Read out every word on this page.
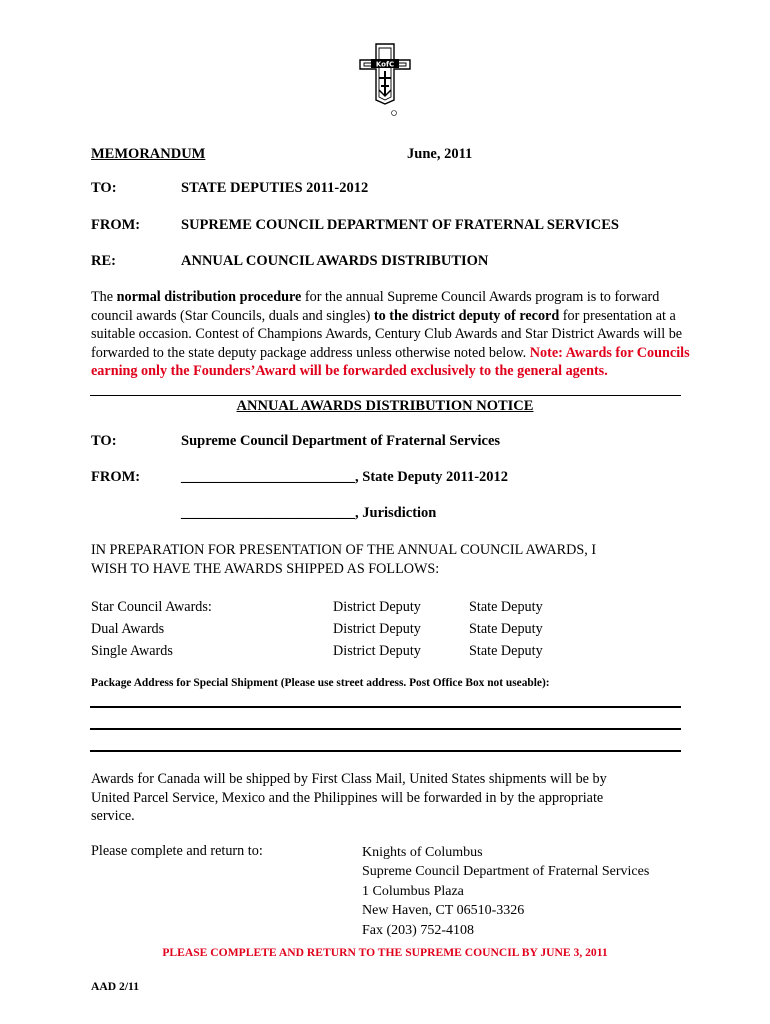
KofC
MEMORANDUM	June, 2011
TO:	STATE DEPUTIES 2011-2012
FROM:	SUPREME COUNCIL DEPARTMENT OF FRATERNAL SERVICES
RE:	ANNUAL COUNCIL AWARDS DISTRIBUTION
The normal distribution procedure for the annual Supreme Council Awards program is to forward council awards (Star Councils, duals and singles) to the district deputy of record for presentation at a suitable occasion. Contest of Champions Awards, Century Club Awards and Star District Awards will be forwarded to the state deputy package address unless otherwise noted below. Note: Awards for Councils earning only the Founders’Award will be forwarded exclusively to the general agents.
ANNUAL AWARDS DISTRIBUTION NOTICE
TO:	Supreme Council Department of Fraternal Services
FROM:	________________________, State Deputy 2011-2012
________________________, Jurisdiction
IN PREPARATION FOR PRESENTATION OF THE ANNUAL COUNCIL AWARDS, I
WISH TO HAVE THE AWARDS SHIPPED AS FOLLOWS:
Star Council Awards:	District Deputy	State Deputy
Dual Awards	District Deputy	State Deputy
Single Awards	District Deputy	State Deputy
Package Address for Special Shipment (Please use street address. Post Office Box not useable):
Awards for Canada will be shipped by First Class Mail, United States shipments will be by
United Parcel Service, Mexico and the Philippines will be forwarded in by the appropriate
service.
Please complete and return to:	Knights of Columbus
Supreme Council Department of Fraternal Services
1 Columbus Plaza
New Haven, CT 06510-3326
Fax (203) 752-4108
PLEASE COMPLETE AND RETURN TO THE SUPREME COUNCIL BY JUNE 3, 2011
AAD 2/11
